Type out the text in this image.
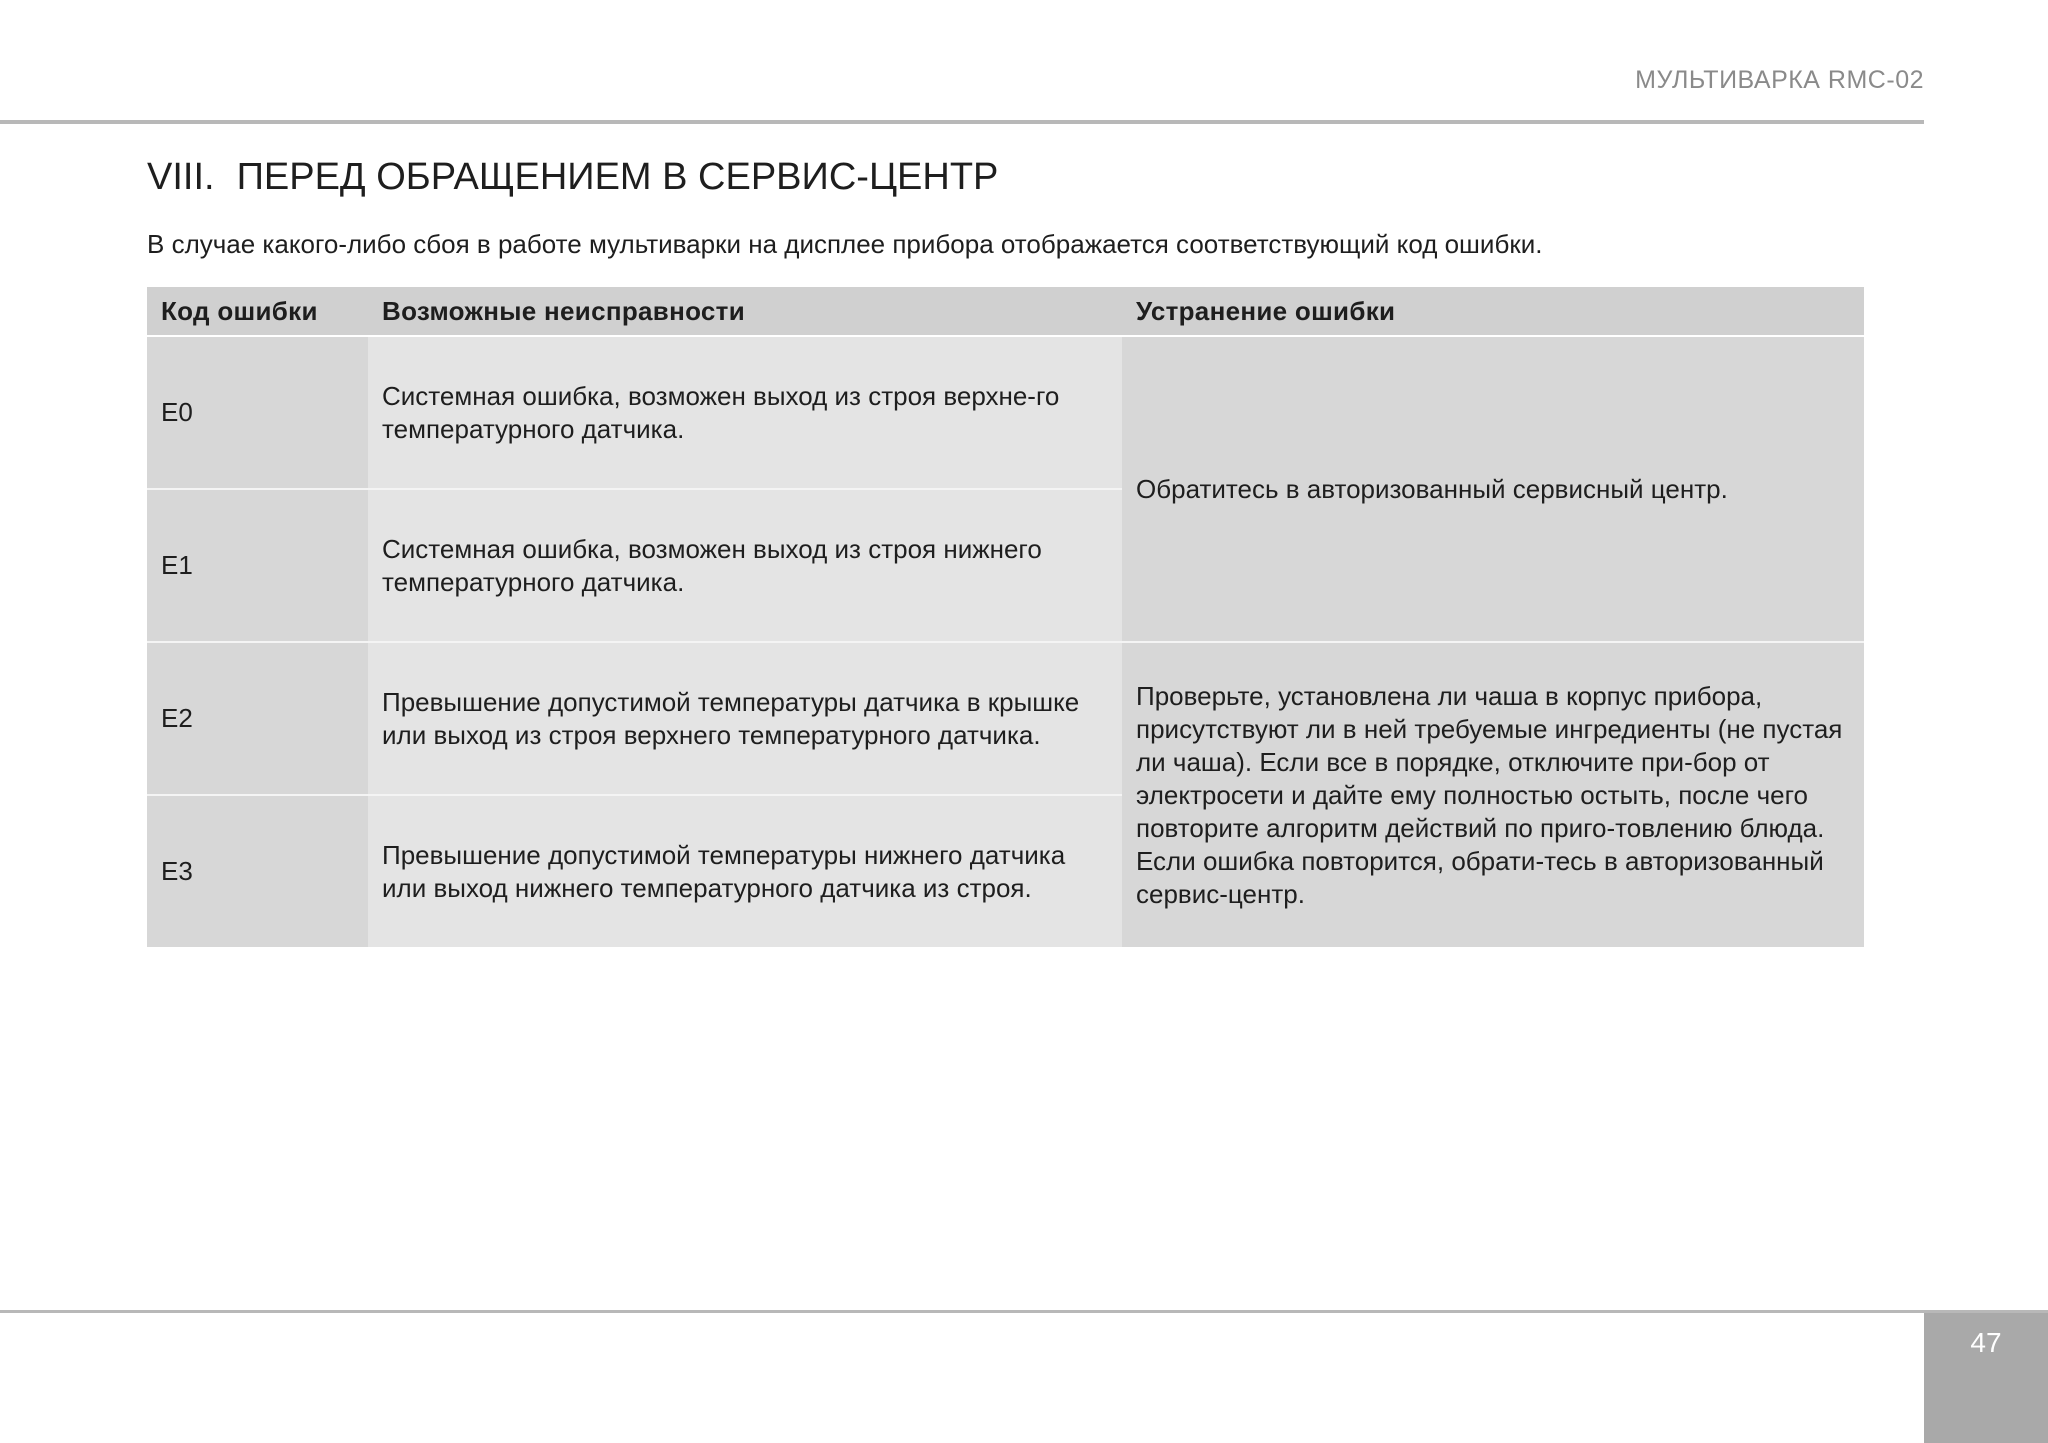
МУЛЬТИВАРКА RMC-02
VIII. ПЕРЕД ОБРАЩЕНИЕМ В СЕРВИС-ЦЕНТР

В случае какого-либо сбоя в работе мультиварки на дисплее прибора отображается соответствующий код ошибки.

Код ошибки	Возможные неисправности	Устранение ошибки
E0	Системная ошибка, возможен выход из строя верхне-го температурного датчика.	Обратитесь в авторизованный сервисный центр.
E1	Системная ошибка, возможен выход из строя нижнего температурного датчика.	
E2	Превышение допустимой температуры датчика в крышке или выход из строя верхнего температурного датчика.	Проверьте, установлена ли чаша в корпус прибора, присутствуют ли в ней требуемые ингредиенты (не пустая ли чаша). Если все в порядке, отключите при-бор от электросети и дайте ему полностью остыть, после чего повторите алгоритм действий по приго-товлению блюда. Если ошибка повторится, обрати-тесь в авторизованный сервис-центр.
E3	Превышение допустимой температуры нижнего датчика или выход нижнего температурного датчика из строя.	
47
